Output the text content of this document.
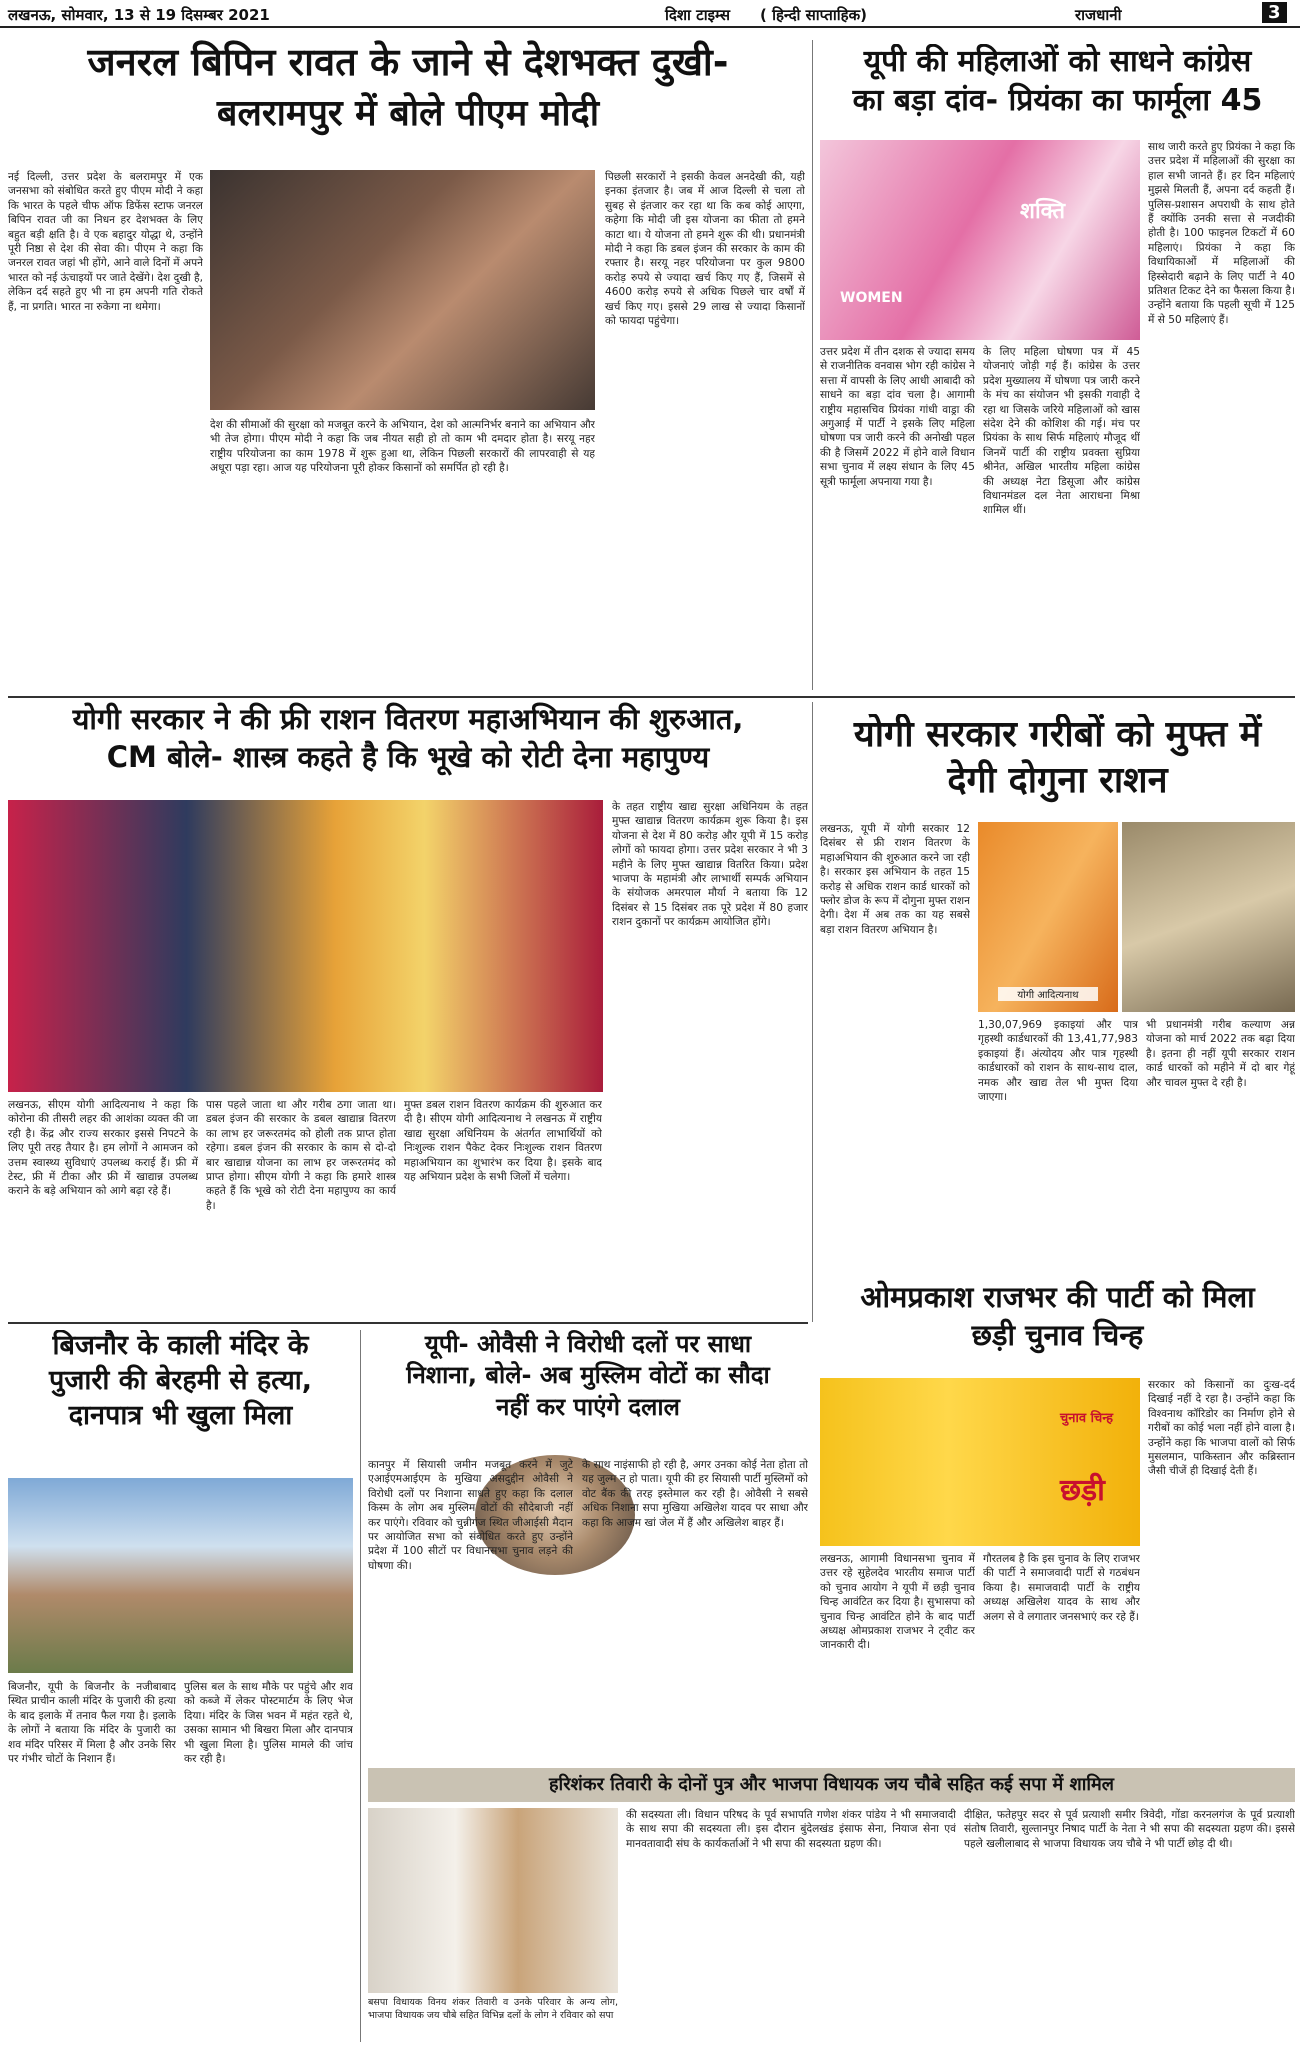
लखनऊ, सोमवार, 13 से 19 दिसम्बर 2021	दिशा टाइम्स ( हिन्दी साप्ताहिक)	राजधानी	3
जनरल बिपिन रावत के जाने से देशभक्त दुखी-
बलरामपुर में बोले पीएम मोदी

नई दिल्ली, उत्तर प्रदेश के बलरामपुर में एक जनसभा को संबोधित करते हुए पीएम मोदी ने कहा कि भारत के पहले चीफ ऑफ डिफेंस स्टाफ जनरल बिपिन रावत जी का निधन हर देशभक्त के लिए बहुत बड़ी क्षति है। वे एक बहादुर योद्धा थे, उन्होंने पूरी निष्ठा से देश की सेवा की। पीएम ने कहा कि जनरल रावत जहां भी होंगे, आने वाले दिनों में अपने भारत को नई ऊंचाइयों पर जाते देखेंगे। देश दुखी है, लेकिन दर्द सहते हुए भी ना हम अपनी गति रोकते हैं, ना प्रगति। भारत ना रुकेगा ना थमेगा।

देश की सीमाओं की सुरक्षा को मजबूत करने के अभियान, देश को आत्मनिर्भर बनाने का अभियान और भी तेज होगा। पीएम मोदी ने कहा कि जब नीयत सही हो तो काम भी दमदार होता है। सरयू नहर राष्ट्रीय परियोजना का काम 1978 में शुरू हुआ था, लेकिन पिछली सरकारों की लापरवाही से यह अधूरा पड़ा रहा। आज यह परियोजना पूरी होकर किसानों को समर्पित हो रही है।

पिछली सरकारों ने इसकी केवल अनदेखी की, यही इनका इंतजार है। जब में आज दिल्ली से चला तो सुबह से इंतजार कर रहा था कि कब कोई आएगा, कहेगा कि मोदी जी इस योजना का फीता तो हमने काटा था। ये योजना तो हमने शुरू की थी। प्रधानमंत्री मोदी ने कहा कि डबल इंजन की सरकार के काम की रफ्तार है। सरयू नहर परियोजना पर कुल 9800 करोड़ रुपये से ज्यादा खर्च किए गए हैं, जिसमें से 4600 करोड़ रुपये से अधिक पिछले चार वर्षों में खर्च किए गए। इससे 29 लाख से ज्यादा किसानों को फायदा पहुंचेगा।

यूपी की महिलाओं को साधने कांग्रेस
का बड़ा दांव- प्रियंका का फार्मूला 45
शक्ति
WOMEN

उत्तर प्रदेश में तीन दशक से ज्यादा समय से राजनीतिक वनवास भोग रही कांग्रेस ने सत्ता में वापसी के लिए आधी आबादी को साधने का बड़ा दांव चला है। आगामी राष्ट्रीय महासचिव प्रियंका गांधी वाड्रा की अगुआई में पार्टी ने इसके लिए महिला घोषणा पत्र जारी करने की अनोखी पहल की है जिसमें 2022 में होने वाले विधान सभा चुनाव में लक्ष्य संधान के लिए 45 सूत्री फार्मूला अपनाया गया है।

के लिए महिला घोषणा पत्र में 45 योजनाएं जोड़ी गई हैं। कांग्रेस के उत्तर प्रदेश मुख्यालय में घोषणा पत्र जारी करने के मंच का संयोजन भी इसकी गवाही दे रहा था जिसके जरिये महिलाओं को खास संदेश देने की कोशिश की गई। मंच पर प्रियंका के साथ सिर्फ महिलाएं मौजूद थीं जिनमें पार्टी की राष्ट्रीय प्रवक्ता सुप्रिया श्रीनेत, अखिल भारतीय महिला कांग्रेस की अध्यक्ष नेटा डिसूजा और कांग्रेस विधानमंडल दल नेता आराधना मिश्रा शामिल थीं।

साथ जारी करते हुए प्रियंका ने कहा कि उत्तर प्रदेश में महिलाओं की सुरक्षा का हाल सभी जानते हैं। हर दिन महिलाएं मुझसे मिलती हैं, अपना दर्द कहती हैं। पुलिस-प्रशासन अपराधी के साथ होते हैं क्योंकि उनकी सत्ता से नजदीकी होती है। 100 फाइनल टिकटों में 60 महिलाएं। प्रियंका ने कहा कि विधायिकाओं में महिलाओं की हिस्सेदारी बढ़ाने के लिए पार्टी ने 40 प्रतिशत टिकट देने का फैसला किया है। उन्होंने बताया कि पहली सूची में 125 में से 50 महिलाएं हैं।

योगी सरकार ने की फ्री राशन वितरण महाअभियान की शुरुआत,
CM बोले- शास्त्र कहते है कि भूखे को रोटी देना महापुण्य

के तहत राष्ट्रीय खाद्य सुरक्षा अधिनियम के तहत मुफ्त खाद्यान्न वितरण कार्यक्रम शुरू किया है। इस योजना से देश में 80 करोड़ और यूपी में 15 करोड़ लोगों को फायदा होगा। उत्तर प्रदेश सरकार ने भी 3 महीने के लिए मुफ्त खाद्यान्न वितरित किया। प्रदेश भाजपा के महामंत्री और लाभार्थी सम्पर्क अभियान के संयोजक अमरपाल मौर्या ने बताया कि 12 दिसंबर से 15 दिसंबर तक पूरे प्रदेश में 80 हजार राशन दुकानों पर कार्यक्रम आयोजित होंगे।

लखनऊ, सीएम योगी आदित्यनाथ ने कहा कि कोरोना की तीसरी लहर की आशंका व्यक्त की जा रही है। केंद्र और राज्य सरकार इससे निपटने के लिए पूरी तरह तैयार है। हम लोगों ने आमजन को उत्तम स्वास्थ्य सुविधाएं उपलब्ध कराई हैं। फ्री में टेस्ट, फ्री में टीका और फ्री में खाद्यान्न उपलब्ध कराने के बड़े अभियान को आगे बढ़ा रहे हैं।

पास पहले जाता था और गरीब ठगा जाता था। डबल इंजन की सरकार के डबल खाद्यान्न वितरण का लाभ हर जरूरतमंद को होली तक प्राप्त होता रहेगा। डबल इंजन की सरकार के काम से दो-दो बार खाद्यान्न योजना का लाभ हर जरूरतमंद को प्राप्त होगा। सीएम योगी ने कहा कि हमारे शास्त्र कहते हैं कि भूखे को रोटी देना महापुण्य का कार्य है।

मुफ्त डबल राशन वितरण कार्यक्रम की शुरुआत कर दी है। सीएम योगी आदित्यनाथ ने लखनऊ में राष्ट्रीय खाद्य सुरक्षा अधिनियम के अंतर्गत लाभार्थियों को निःशुल्क राशन पैकेट देकर निःशुल्क राशन वितरण महाअभियान का शुभारंभ कर दिया है। इसके बाद यह अभियान प्रदेश के सभी जिलों में चलेगा।

योगी सरकार गरीबों को मुफ्त में
देगी दोगुना राशन

लखनऊ, यूपी में योगी सरकार 12 दिसंबर से फ्री राशन वितरण के महाअभियान की शुरुआत करने जा रही है। सरकार इस अभियान के तहत 15 करोड़ से अधिक राशन कार्ड धारकों को फ्लोर डोज के रूप में दोगुना मुफ्त राशन देगी। देश में अब तक का यह सबसे बड़ा राशन वितरण अभियान है।

योगी आदित्यनाथ

1,30,07,969 इकाइयां और पात्र गृहस्थी कार्डधारकों की 13,41,77,983 इकाइयां हैं। अंत्योदय और पात्र गृहस्थी कार्डधारकों को राशन के साथ-साथ दाल, नमक और खाद्य तेल भी मुफ्त दिया जाएगा।

भी प्रधानमंत्री गरीब कल्याण अन्न योजना को मार्च 2022 तक बढ़ा दिया है। इतना ही नहीं यूपी सरकार राशन कार्ड धारकों को महीने में दो बार गेहूं और चावल मुफ्त दे रही है।

ओमप्रकाश राजभर की पार्टी को मिला
छड़ी चुनाव चिन्ह
चुनाव चिन्ह
छड़ी

लखनऊ, आगामी विधानसभा चुनाव में उत्तर रहे सुहेलदेव भारतीय समाज पार्टी को चुनाव आयोग ने यूपी में छड़ी चुनाव चिन्ह आवंटित कर दिया है। सुभासपा को चुनाव चिन्ह आवंटित होने के बाद पार्टी अध्यक्ष ओमप्रकाश राजभर ने ट्वीट कर जानकारी दी।

गौरतलब है कि इस चुनाव के लिए राजभर की पार्टी ने समाजवादी पार्टी से गठबंधन किया है। समाजवादी पार्टी के राष्ट्रीय अध्यक्ष अखिलेश यादव के साथ और अलग से वे लगातार जनसभाएं कर रहे हैं।

सरकार को किसानों का दुःख-दर्द दिखाई नहीं दे रहा है। उन्होंने कहा कि विश्वनाथ कॉरिडोर का निर्माण होने से गरीबों का कोई भला नहीं होने वाला है। उन्होंने कहा कि भाजपा वालों को सिर्फ मुसलमान, पाकिस्तान और कब्रिस्तान जैसी चीजें ही दिखाई देती हैं।

बिजनौर के काली मंदिर के
पुजारी की बेरहमी से हत्या,
दानपात्र भी खुला मिला

बिजनौर, यूपी के बिजनौर के नजीबाबाद स्थित प्राचीन काली मंदिर के पुजारी की हत्या के बाद इलाके में तनाव फैल गया है। इलाके के लोगों ने बताया कि मंदिर के पुजारी का शव मंदिर परिसर में मिला है और उनके सिर पर गंभीर चोटों के निशान हैं।

पुलिस बल के साथ मौके पर पहुंचे और शव को कब्जे में लेकर पोस्टमार्टम के लिए भेज दिया। मंदिर के जिस भवन में महंत रहते थे, उसका सामान भी बिखरा मिला और दानपात्र भी खुला मिला है। पुलिस मामले की जांच कर रही है।

यूपी- ओवैसी ने विरोधी दलों पर साधा
निशाना, बोले- अब मुस्लिम वोटों का सौदा
नहीं कर पाएंगे दलाल

कानपुर में सियासी जमीन मजबूत करने में जुटे एआईएमआईएम के मुखिया असदुद्दीन ओवैसी ने विरोधी दलों पर निशाना साधते हुए कहा कि दलाल किस्म के लोग अब मुस्लिम वोटों की सौदेबाजी नहीं कर पाएंगे। रविवार को चुन्नीगंज स्थित जीआईसी मैदान पर आयोजित सभा को संबोधित करते हुए उन्होंने प्रदेश में 100 सीटों पर विधानसभा चुनाव लड़ने की घोषणा की।

के साथ नाइंसाफी हो रही है, अगर उनका कोई नेता होता तो यह जुल्म न हो पाता। यूपी की हर सियासी पार्टी मुस्लिमों को वोट बैंक की तरह इस्तेमाल कर रही है। ओवैसी ने सबसे अधिक निशाना सपा मुखिया अखिलेश यादव पर साधा और कहा कि आजम खां जेल में हैं और अखिलेश बाहर हैं।

हरिशंकर तिवारी के दोनों पुत्र और भाजपा विधायक जय चौबे सहित कई सपा में शामिल
बसपा विधायक विनय शंकर तिवारी व उनके परिवार के अन्य लोग, भाजपा विधायक जय चौबे सहित विभिन्न दलों के लोग ने रविवार को सपा

की सदस्यता ली। विधान परिषद के पूर्व सभापति गणेश शंकर पांडेय ने भी समाजवादी के साथ सपा की सदस्यता ली। इस दौरान बुंदेलखंड इंसाफ सेना, नियाज सेना एवं मानवतावादी संघ के कार्यकर्ताओं ने भी सपा की सदस्यता ग्रहण की।

दीक्षित, फतेहपुर सदर से पूर्व प्रत्याशी समीर त्रिवेदी, गोंडा करनलगंज के पूर्व प्रत्याशी संतोष तिवारी, सुल्तानपुर निषाद पार्टी के नेता ने भी सपा की सदस्यता ग्रहण की। इससे पहले खलीलाबाद से भाजपा विधायक जय चौबे ने भी पार्टी छोड़ दी थी।
